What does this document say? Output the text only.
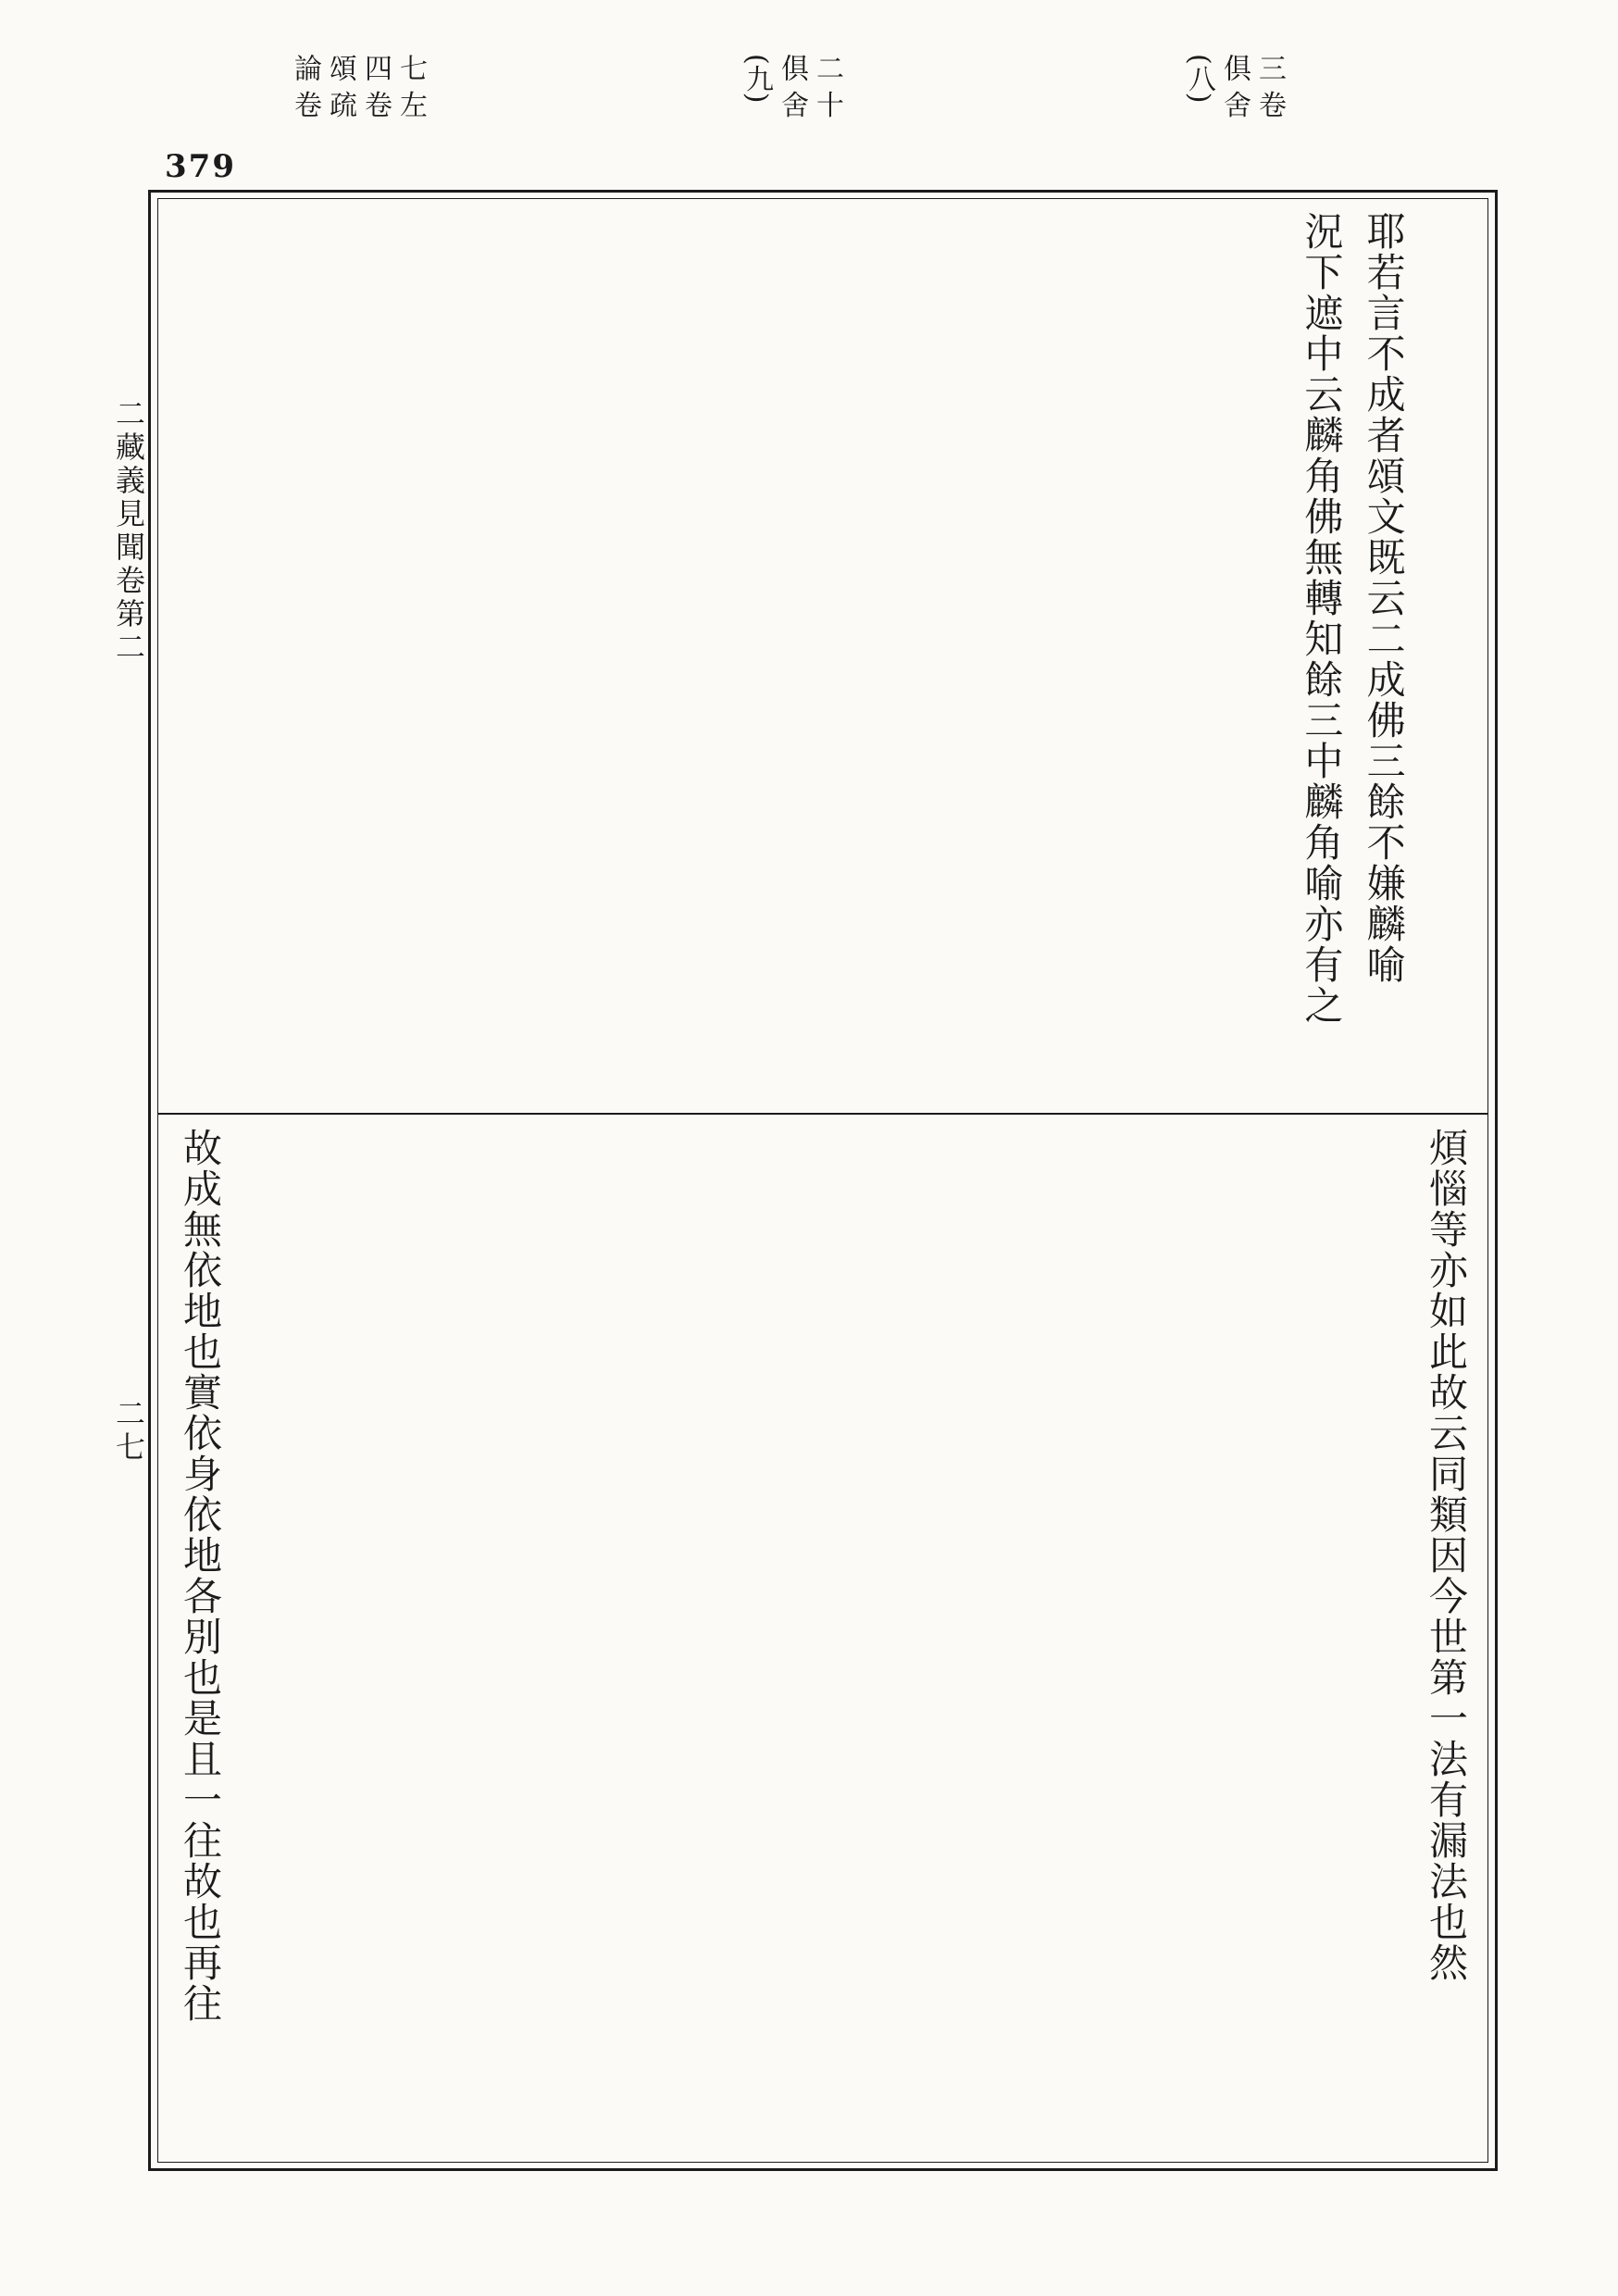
379
七 左
四 卷
頌 疏
論 卷	二 十
俱 舍
(九)	三 卷
俱 舍
(八)
二藏義見聞卷第二
二七
耶若言不成者頌文既云二成佛三餘不嫌麟喻
況下遮中云麟角佛無轉知餘三中麟角喻亦有之
煩惱等亦如此故云同類因今世第一法有漏法也然
故成無依地也實依身依地各別也是且一往故也再往
